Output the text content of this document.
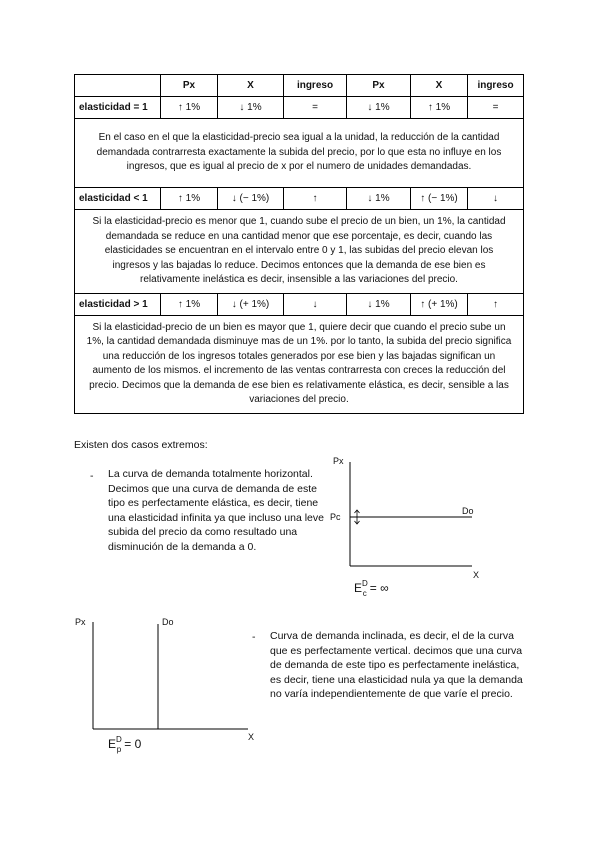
	Px	X	ingreso	Px	X	ingreso
elasticidad = 1	↑ 1%	↓ 1%	=	↓ 1%	↑ 1%	=
En el caso en el que la elasticidad-precio sea igual a la unidad, la reducción de la cantidad demandada contrarresta exactamente la subida del precio, por lo que esta no influye en los ingresos, que es igual al precio de x por el numero de unidades demandadas.						
elasticidad < 1	↑ 1%	↓ (− 1%)	↑	↓ 1%	↑ (− 1%)	↓
Si la elasticidad-precio es menor que 1, cuando sube el precio de un bien, un 1%, la cantidad demandada se reduce en una cantidad menor que ese porcentaje, es decir, cuando las elasticidades se encuentran en el intervalo entre 0 y 1, las subidas del precio elevan los ingresos y las bajadas lo reduce. Decimos entonces que la demanda de ese bien es relativamente inelástica es decir, insensible a las variaciones del precio.						
elasticidad > 1	↑ 1%	↓ (+ 1%)	↓	↓ 1%	↑ (+ 1%)	↑
Si la elasticidad-precio de un bien es mayor que 1, quiere decir que cuando el precio sube un 1%, la cantidad demandada disminuye mas de un 1%. por lo tanto, la subida del precio significa una reducción de los ingresos totales generados por ese bien y las bajadas significan un aumento de los mismos. el incremento de las ventas contrarresta con creces la reducción del precio. Decimos que la demanda de ese bien es relativamente elástica, es decir, sensible a las variaciones del precio.						
Existen dos casos extremos:
- La curva de demanda totalmente horizontal. Decimos que una curva de demanda de este tipo es perfectamente elástica, es decir, tiene una elasticidad infinita ya que incluso una leve subida del precio da como resultado una disminución de la demanda a 0.
Px
X
Pc
Do
$E^D$ c = ∞
Px
X
Do
$E^D$ p = 0
- Curva de demanda inclinada, es decir, el de la curva que es perfectamente vertical. decimos que una curva de demanda de este tipo es perfectamente inelástica, es decir, tiene una elasticidad nula ya que la demanda no varía independientemente de que varíe el precio.
